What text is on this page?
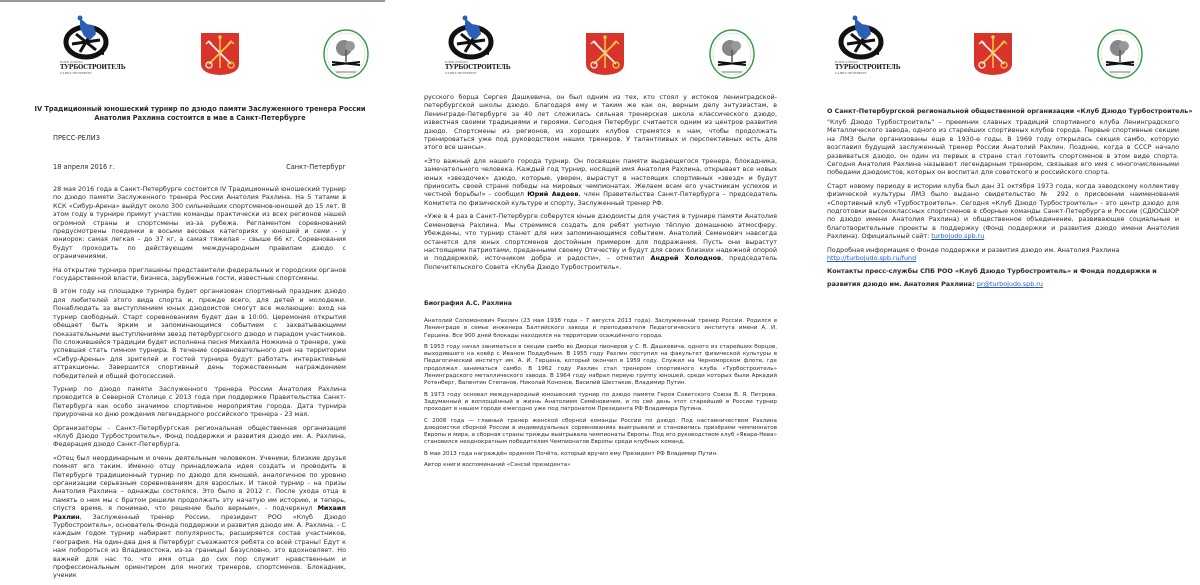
КЛУБ ДЗЮДО
ТУРБОСТРОИТЕЛЬ
САНКТ-ПЕТЕРБУРГ
IV Традиционный юношеский турнир по дзюдо памяти Заслуженного тренера России
Анатолия Рахлина состоится в мае в Санкт-Петербурге
ПРЕСС-РЕЛИЗ
18 апреля 2016 г.	Санкт-Петербург

28 мая 2016 года в Санкт-Петербурге состоится IV Традиционный юношеский турнир по дзюдо памяти Заслуженного тренера России Анатолия Рахлина. На 5 татами в КСК «Сибур-Арена» выйдут около 300 сильнейших спортсменов-юношей до 15 лет. В этом году в турнире примут участие команды практически из всех регионов нашей огромной страны и спортсмены из-за рубежа. Регламентом соревнований предусмотрены поединки в восьми весовых категориях у юношей и семи - у юниорок: самая легкая – до 37 кг, а самая тяжелая – свыше 66 кг. Соревнования будут проходить по действующим международным правилам дзюдо с ограничениями.

На открытие турнира приглашены представители федеральных и городских органов государственной власти, бизнеса, зарубежные гости, известные спортсмены.

В этом году на площадке турнира будет организован спортивный праздник дзюдо для любителей этого вида спорта и, прежде всего, для детей и молодежи. Понаблюдать за выступлением юных дзюдоистов смогут все желающие: вход на турнир свободный. Старт соревнованиям будет дан в 10:00. Церемония открытия обещает быть ярким и запоминающимся событием с захватывающими показательными выступлениями звезд петербургского дзюдо и парадом участников. По сложившейся традиции будет исполнена песня Михаила Ножкина о тренере, уже успевшая стать гимном турнира. В течение соревновательного дня на территории «Сибур-Арены» для зрителей и гостей турнира будут работать интерактивные аттракционы. Завершится спортивный день торжественным награждением победителей и общей фотосессией.

Турнир по дзюдо памяти Заслуженного тренера России Анатолия Рахлина проводится в Северной Столице с 2013 года при поддержке Правительства Санкт-Петербурга как особо значимое спортивное мероприятие города. Дата турнира приурочена ко дню рождения легендарного российского тренера - 23 мая.

Организаторы - Санкт-Петербургская региональная общественная организация «Клуб Дзюдо Турбостроитель», Фонд поддержки и развития дзюдо им. А. Рахлина, Федерация дзюдо Санкт-Петербурга.

«Отец был неординарным и очень деятельным человеком. Ученики, близкие друзья помнят его таким. Именно отцу принадлежала идея создать и проводить в Петербурге традиционный турнир по дзюдо для юношей, аналогичное по уровню организации серьезным соревнованиям для взрослых. И такой турнир - на призы Анатолия Рахлина – однажды состоялся. Это было в 2012 г. После ухода отца в память о нем мы с братом решили продолжать эту начатую им историю, и теперь, спустя время, я понимаю, что решение было верным», - подчеркнул Михаил Рахлин, Заслуженный тренер России, президент РОО «Клуб Дзюдо Турбостроитель», основатель Фонда поддержки и развития дзюдо им. А. Рахлина. - С каждым годом турнир набирает популярность, расширяется состав участников, география. На один-два дня в Петербург съезжаются ребята со всей страны! Едут к нам побороться из Владивостока, из-за границы! Безусловно, это вдохновляет. Но важней для нас то, что имя отца до сих пор служит нравственным и профессиональным ориентиром для многих тренеров, спортсменов. Блокадник, ученик

КЛУБ ДЗЮДО
ТУРБОСТРОИТЕЛЬ
САНКТ-ПЕТЕРБУРГ

русского борца Сергея Дашкевича, он был одним из тех, кто стоял у истоков ленинградской-петербургской школы дзюдо. Благодаря ему и таким же как он, верным делу энтузиастам, в Ленинграде-Петербурге за 40 лет сложилась сильная тренерская школа классического дзюдо, известная своими традициями и героями. Сегодня Петербург считается одним из центров развития дзюдо. Спортсмены из регионов, из хороших клубов стремятся к нам, чтобы продолжать тренироваться уже под руководством наших тренеров. У талантливых и перспективных есть для этого все шансы».

«Это важный для нашего города турнир. Он посвящен памяти выдающегося тренера, блокадника, замечательного человека. Каждый год турнир, носящий имя Анатолия Рахлина, открывает все новых юных «звездочек» дзюдо, которые, уверен, вырастут в настоящих спортивных «звезд» и будут приносить своей стране победы на мировых чемпионатах. Желаем всем его участникам успехов и честной борьбы!» - сообщил Юрий Авдеев, член Правительства Санкт-Петербурга – председатель Комитета по физической культуре и спорту, Заслуженный тренер РФ.

«Уже в 4 раз в Санкт-Петербурге соберутся юные дзюдоисты для участия в турнире памяти Анатолия Семеновича Рахлина. Мы стремимся создать для ребят уютную тёплую домашнюю атмосферу. Убеждены, что турнир станет для них запоминающимся событием. Анатолий Семенович навсегда останется для юных спортсменов достойным примером для подражания. Пусть они вырастут настоящими патриотами, преданными своему Отечеству и будут для своих близких надежной опорой и поддержкой, источником добра и радости», – отметил Андрей Холоднов, председатель Попечительского Совета «Клуба Дзюдо Турбостроитель».

Биография А.С. Рахлина

Анатолий Соломонович Рахлин (23 мая 1938 года – 7 августа 2013 года). Заслуженный тренер России. Родился в Ленинграде в семье инженера Балтийского завода и преподавателя Педагогического института имени А. И. Герцена. Все 900 дней блокады находился на территории осаждённого города.

В 1953 году начал заниматься в секции самбо во Дворце пионеров у С. В. Дашкевича, одного из старейших борцов, выходившего на ковёр с Иваном Поддубным. В 1955 году Рахлин поступил на факультет физической культуры в Педагогический институт им. А. И. Герцена, который окончил в 1959 году. Служил на Черноморском флоте, где продолжал заниматься самбо. В 1962 году Рахлин стал тренером спортивного клуба «Турбостроитель» Ленинградского металлического завода. В 1964 году набрал первую группу юношей, среди которых были Аркадий Ротенберг, Валентин Степанов, Николай Кононов, Василий Шестаков, Владимир Путин.

В 1973 году основал международный юношеский турнир по дзюдо памяти Героя Советского Союза В. Я. Петрова. Задуманный и воплощённый в жизнь Анатолием Семёновичем, и по сей день этот старейший в России турнир проходит в нашем городе ежегодно уже под патронатом Президента РФ Владимира Путина.

С 2008 года — главный тренер женской сборной команды России по дзюдо. Под наставничеством Рахлина дзюдоистки сборной России в индивидуальных соревнованиях выигрывали и становились призёрами чемпионатов Европы и мира, а сборная страны трижды выигрывала чемпионаты Европы. Под его руководством клуб «Явара-Нева» становился неоднократным победителем Чемпионатов Европы среди клубных команд.

В мае 2013 года награждён орденом Почёта, который вручил ему Президент РФ Владимир Путин.

Автор книги воспоминаний «Сэнсэй президента»

КЛУБ ДЗЮДО
ТУРБОСТРОИТЕЛЬ
САНКТ-ПЕТЕРБУРГ
О Санкт-Петербургской региональной общественной организации «Клуб Дзюдо Турбостроитель»

"Клуб Дзюдо Турбостроитель" – преемник славных традиций спортивного клуба Ленинградского Металлического завода, одного из старейших спортивных клубов города. Первые спортивные секции на ЛМЗ были организованы еще в 1930-е годы. В 1969 году открылась секция самбо, которую возглавил будущий заслуженный тренер России Анатолий Рахлин. Позднее, когда в СССР начало развиваться дзюдо, он один из первых в стране стал готовить спортсменов в этом виде спорта. Сегодня Анатолия Рахлина называют легендарным тренером, связывая его имя с многочисленными победами дзюдоистов, которых он воспитал для советского и российского спорта.

Старт новому периоду в истории клуба был дан 31 октября 1973 года, когда заводскому коллективу физической культуры ЛМЗ было выдано свидетельство № 292 о присвоении наименования «Спортивный клуб «Турбостроитель». Сегодня «Клуб Дзюдо Турбостроитель» - это центр дзюдо для подготовки высококлассных спортсменов в сборные команды Санкт-Петербурга и России (СДЮСШОР по дзюдо имени Анатолия Рахлина) и общественное объединение, развивающее социальные и благотворительные проекты в поддержку (Фонд поддержки и развития дзюдо имени Анатолия Рахлина). Официальный сайт: turbojudo.spb.ru

Подробная информация о Фонде поддержки и развития дзюдо им. Анатолия Рахлина
http://turbojudo.spb.ru/fund

Контакты пресс-службы СПБ РОО «Клуб Дзюдо Турбостроитель» и Фонда поддержки и развития дзюдо им. Анатолия Рахлина: pr@turbojudo.spb.ru
